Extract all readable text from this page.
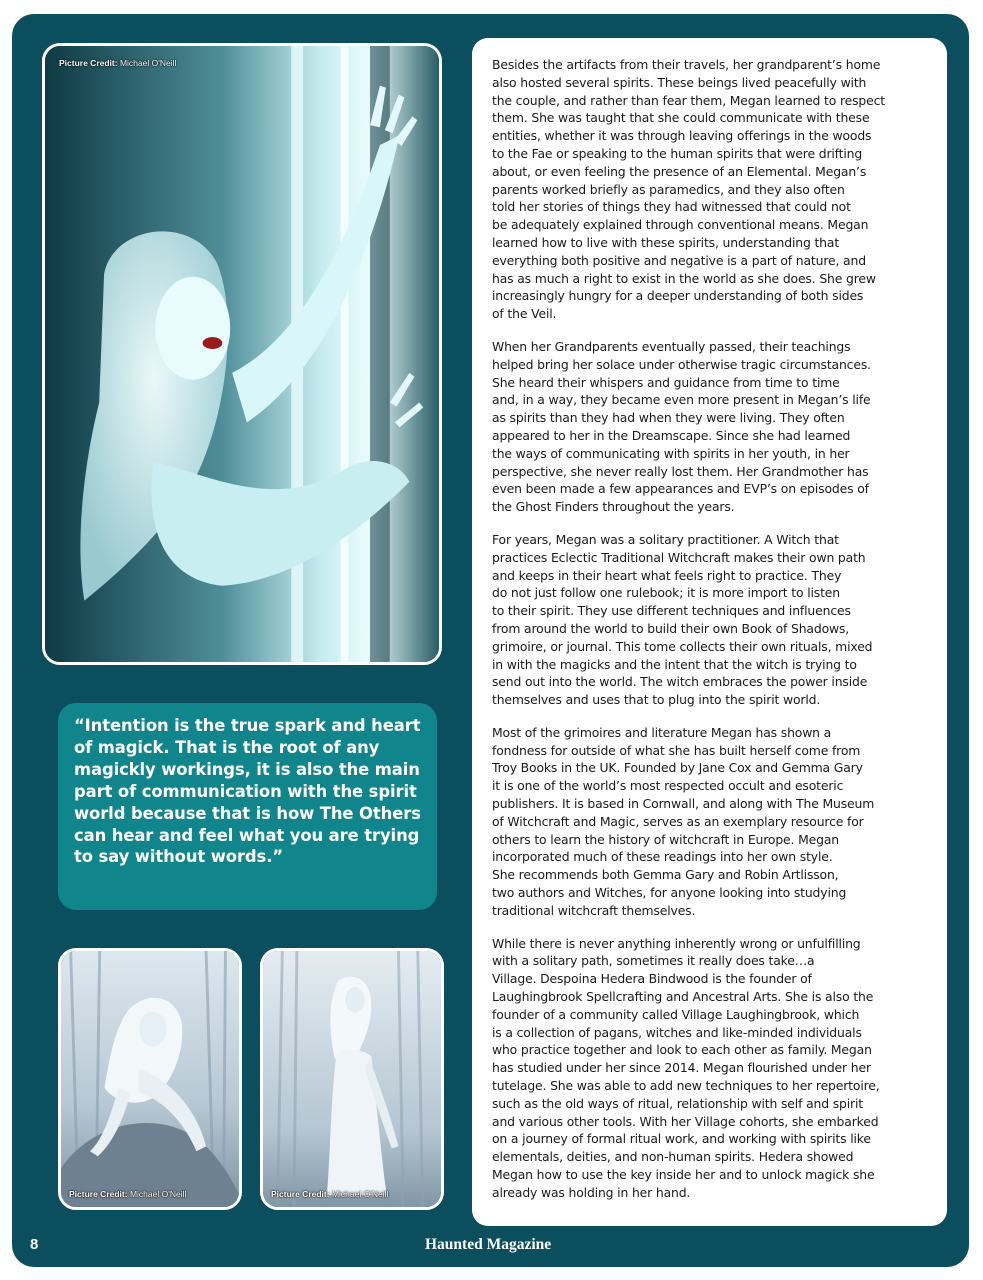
Picture Credit: Michael O'Neill

“Intention is the true spark and heart of magick. That is the root of any magickly workings, it is also the main part of communication with the spirit world because that is how The Others can hear and feel what you are trying to say without words.”

Picture Credit: Michael O'Neill	Picture Credit: Michael O'Neill

Besides the artifacts from their travels, her grandparent’s home
also hosted several spirits. These beings lived peacefully with
the couple, and rather than fear them, Megan learned to respect
them. She was taught that she could communicate with these
entities, whether it was through leaving offerings in the woods
to the Fae or speaking to the human spirits that were drifting
about, or even feeling the presence of an Elemental. Megan’s
parents worked briefly as paramedics, and they also often
told her stories of things they had witnessed that could not
be adequately explained through conventional means. Megan
learned how to live with these spirits, understanding that
everything both positive and negative is a part of nature, and
has as much a right to exist in the world as she does. She grew
increasingly hungry for a deeper understanding of both sides
of the Veil.

When her Grandparents eventually passed, their teachings
helped bring her solace under otherwise tragic circumstances.
She heard their whispers and guidance from time to time
and, in a way, they became even more present in Megan’s life
as spirits than they had when they were living. They often
appeared to her in the Dreamscape. Since she had learned
the ways of communicating with spirits in her youth, in her
perspective, she never really lost them. Her Grandmother has
even been made a few appearances and EVP’s on episodes of
the Ghost Finders throughout the years.

For years, Megan was a solitary practitioner. A Witch that
practices Eclectic Traditional Witchcraft makes their own path
and keeps in their heart what feels right to practice. They
do not just follow one rulebook; it is more import to listen
to their spirit. They use different techniques and influences
from around the world to build their own Book of Shadows,
grimoire, or journal. This tome collects their own rituals, mixed
in with the magicks and the intent that the witch is trying to
send out into the world. The witch embraces the power inside
themselves and uses that to plug into the spirit world.

Most of the grimoires and literature Megan has shown a
fondness for outside of what she has built herself come from
Troy Books in the UK. Founded by Jane Cox and Gemma Gary
it is one of the world’s most respected occult and esoteric
publishers. It is based in Cornwall, and along with The Museum
of Witchcraft and Magic, serves as an exemplary resource for
others to learn the history of witchcraft in Europe. Megan
incorporated much of these readings into her own style.
She recommends both Gemma Gary and Robin Artlisson,
two authors and Witches, for anyone looking into studying
traditional witchcraft themselves.

While there is never anything inherently wrong or unfulfilling
with a solitary path, sometimes it really does take…a
Village. Despoina Hedera Bindwood is the founder of
Laughingbrook Spellcrafting and Ancestral Arts. She is also the
founder of a community called Village Laughingbrook, which
is a collection of pagans, witches and like-minded individuals
who practice together and look to each other as family. Megan
has studied under her since 2014. Megan flourished under her
tutelage. She was able to add new techniques to her repertoire,
such as the old ways of ritual, relationship with self and spirit
and various other tools. With her Village cohorts, she embarked
on a journey of formal ritual work, and working with spirits like
elementals, deities, and non-human spirits. Hedera showed
Megan how to use the key inside her and to unlock magick she
already was holding in her hand.

8	Haunted Magazine
